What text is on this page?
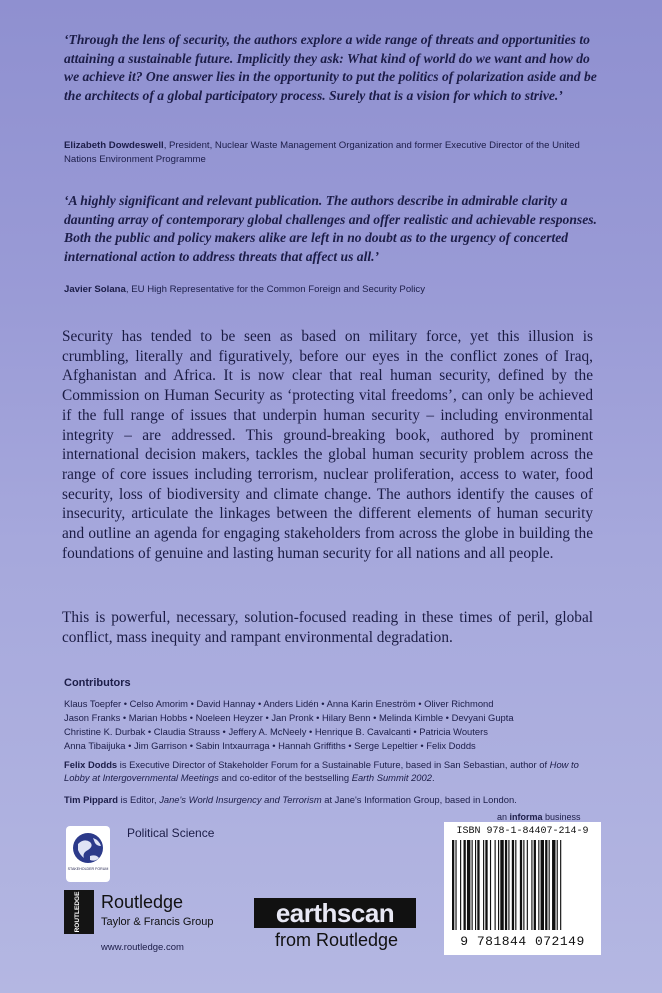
‘Through the lens of security, the authors explore a wide range of threats and opportunities to attaining a sustainable future. Implicitly they ask: What kind of world do we want and how do we achieve it? One answer lies in the opportunity to put the politics of polarization aside and be the architects of a global participatory process. Surely that is a vision for which to strive.’

Elizabeth Dowdeswell, President, Nuclear Waste Management Organization and former Executive Director of the United Nations Environment Programme

‘A highly significant and relevant publication. The authors describe in admirable clarity a daunting array of contemporary global challenges and offer realistic and achievable responses. Both the public and policy makers alike are left in no doubt as to the urgency of concerted international action to address threats that affect us all.’

Javier Solana, EU High Representative for the Common Foreign and Security Policy

Security has tended to be seen as based on military force, yet this illusion is crumbling, literally and figuratively, before our eyes in the conflict zones of Iraq, Afghanistan and Africa. It is now clear that real human security, defined by the Commission on Human Security as ‘protecting vital freedoms’, can only be achieved if the full range of issues that underpin human security – including environmental integrity – are addressed. This ground-breaking book, authored by prominent international decision makers, tackles the global human security problem across the range of core issues including terrorism, nuclear proliferation, access to water, food security, loss of biodiversity and climate change. The authors identify the causes of insecurity, articulate the linkages between the different elements of human security and outline an agenda for engaging stakeholders from across the globe in building the foundations of genuine and lasting human security for all nations and all people.

This is powerful, necessary, solution-focused reading in these times of peril, global conflict, mass inequity and rampant environmental degradation.

Contributors

Klaus Toepfer • Celso Amorim • David Hannay • Anders Lidén • Anna Karin Eneström • Oliver Richmond

Jason Franks • Marian Hobbs • Noeleen Heyzer • Jan Pronk • Hilary Benn • Melinda Kimble • Devyani Gupta

Christine K. Durbak • Claudia Strauss • Jeffery A. McNeely • Henrique B. Cavalcanti • Patricia Wouters

Anna Tibaijuka • Jim Garrison • Sabin Intxaurraga • Hannah Griffiths • Serge Lepeltier • Felix Dodds

Felix Dodds is Executive Director of Stakeholder Forum for a Sustainable Future, based in San Sebastian, author of How to Lobby at Intergovernmental Meetings and co-editor of the bestselling Earth Summit 2002.

Tim Pippard is Editor, Jane's World Insurgency and Terrorism at Jane's Information Group, based in London.

STAKEHOLDER FORUM
Political Science
ROUTLEDGE Routledge
Taylor & Francis Group
www.routledge.com
earthscan
from Routledge
an informa business
ISBN 978-1-84407-214-9
9 781844 072149
